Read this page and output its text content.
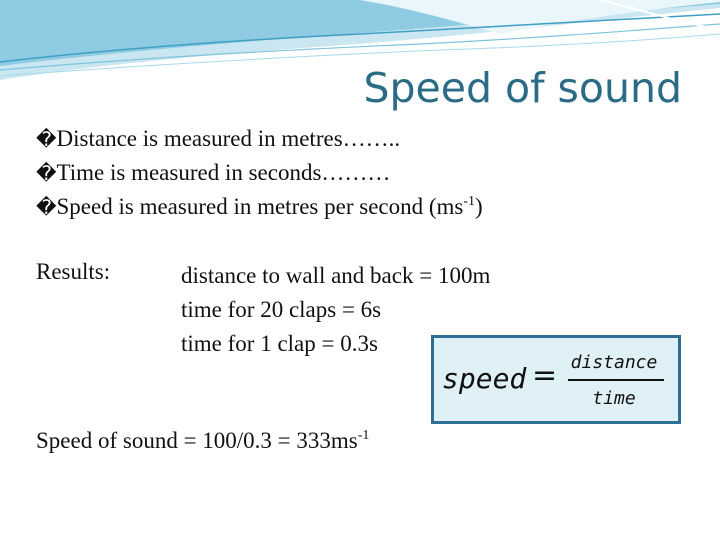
Speed of sound
�Distance is measured in metres……..
�Time is measured in seconds………
�Speed is measured in metres per second $(ms^{-1})$
Results:	distance to wall and back = 100m
time for 20 claps = 6s
time for 1 clap = 0.3s
speed = distance
time
Speed of sound = $100/0.3 = 333ms^{-1}$
